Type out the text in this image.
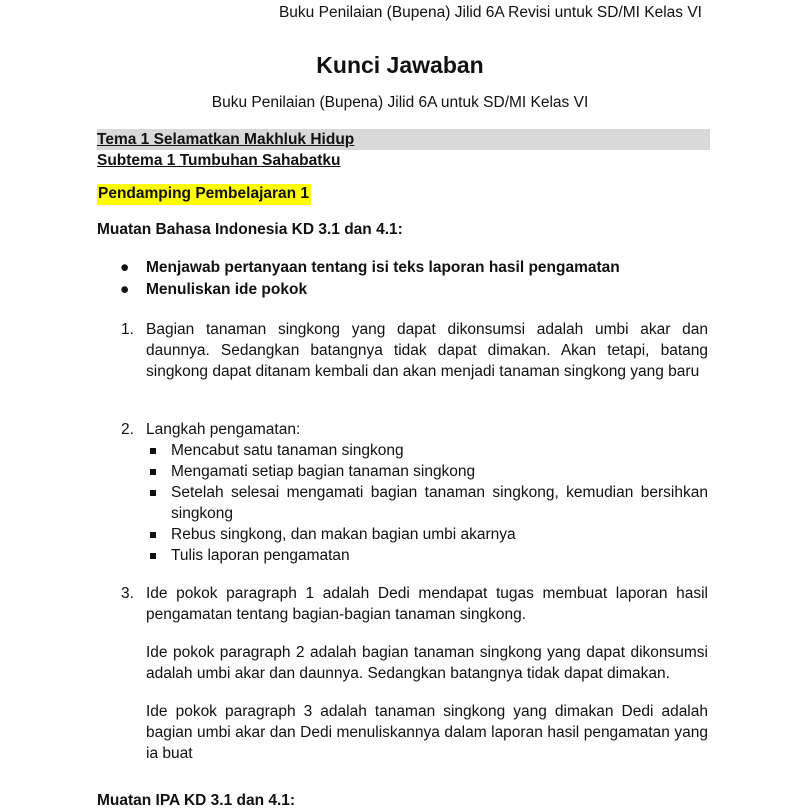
Buku Penilaian (Bupena) Jilid 6A Revisi untuk SD/MI Kelas VI
Kunci Jawaban
Buku Penilaian (Bupena) Jilid 6A untuk SD/MI Kelas VI
Tema 1 Selamatkan Makhluk Hidup
Subtema 1 Tumbuhan Sahabatku
Pendamping Pembelajaran 1
Muatan Bahasa Indonesia KD 3.1 dan 4.1:
● Menjawab pertanyaan tentang isi teks laporan hasil pengamatan
● Menuliskan ide pokok
1. Bagian tanaman singkong yang dapat dikonsumsi adalah umbi akar dan daunnya. Sedangkan batangnya tidak dapat dimakan. Akan tetapi, batang singkong dapat ditanam kembali dan akan menjadi tanaman singkong yang baru

2. Langkah pengamatan:

Mencabut satu tanaman singkong
Mengamati setiap bagian tanaman singkong
Setelah selesai mengamati bagian tanaman singkong, kemudian bersihkan singkong
Rebus singkong, dan makan bagian umbi akarnya
Tulis laporan pengamatan
3. Ide pokok paragraph 1 adalah Dedi mendapat tugas membuat laporan hasil pengamatan tentang bagian-bagian tanaman singkong.

Ide pokok paragraph 2 adalah bagian tanaman singkong yang dapat dikonsumsi adalah umbi akar dan daunnya. Sedangkan batangnya tidak dapat dimakan.

Ide pokok paragraph 3 adalah tanaman singkong yang dimakan Dedi adalah bagian umbi akar dan Dedi menuliskannya dalam laporan hasil pengamatan yang ia buat

Muatan IPA KD 3.1 dan 4.1:
